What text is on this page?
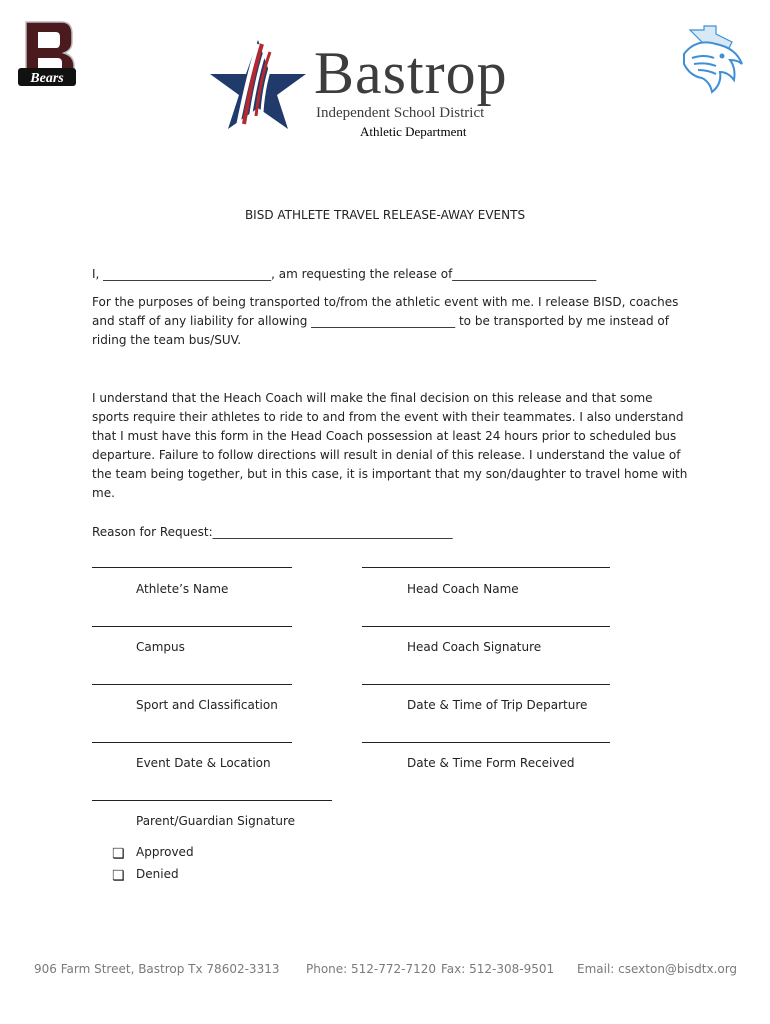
Bears	Bastrop
Independent School District
Athletic Department
BISD ATHLETE TRAVEL RELEASE-AWAY EVENTS
I, ____________________________, am requesting the release of________________________
For the purposes of being transported to/from the athletic event with me. I release BISD, coaches and staff of any liability for allowing ________________________ to be transported by me instead of riding the team bus/SUV.
I understand that the Heach Coach will make the final decision on this release and that some sports require their athletes to ride to and from the event with their teammates. I also understand that I must have this form in the Head Coach possession at least 24 hours prior to scheduled bus departure. Failure to follow directions will result in denial of this release. I understand the value of the team being together, but in this case, it is important that my son/daughter to travel home with me.
Reason for Request:________________________________________
Athlete’s Name	Head Coach Name
Campus	Head Coach Signature
Sport and Classification	Date & Time of Trip Departure
Event Date & Location	Date & Time Form Received
Parent/Guardian Signature
❏ Approved
❏ Denied
906 Farm Street, Bastrop Tx 78602-3313 Phone: 512-772-7120 Fax: 512-308-9501 Email: csexton@bisdtx.org
